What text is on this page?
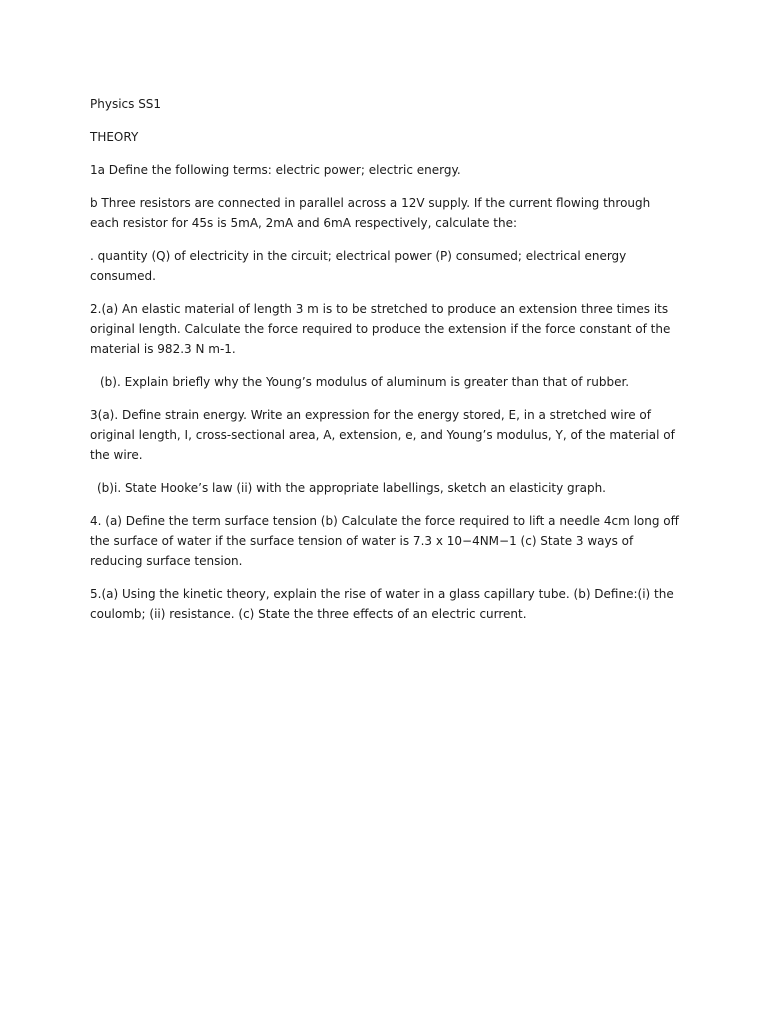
Physics SS1

THEORY

1a Define the following terms: electric power; electric energy.

b Three resistors are connected in parallel across a 12V supply. If the current flowing through each resistor for 45s is 5mA, 2mA and 6mA respectively, calculate the:

. quantity (Q) of electricity in the circuit; electrical power (P) consumed; electrical energy consumed.

2.(a) An elastic material of length 3 m is to be stretched to produce an extension three times its original length. Calculate the force required to produce the extension if the force constant of the material is 982.3 N m-1.

(b). Explain briefly why the Young’s modulus of aluminum is greater than that of rubber.

3(a). Define strain energy. Write an expression for the energy stored, E, in a stretched wire of original length, I, cross-sectional area, A, extension, e, and Young’s modulus, Y, of the material of the wire.

(b)i. State Hooke’s law (ii) with the appropriate labellings, sketch an elasticity graph.

4. (a) Define the term surface tension (b) Calculate the force required to lift a needle 4cm long off the surface of water if the surface tension of water is 7.3 x 10−4NM−1 (c) State 3 ways of reducing surface tension.

5.(a) Using the kinetic theory, explain the rise of water in a glass capillary tube. (b) Define:(i) the coulomb; (ii) resistance. (c) State the three effects of an electric current.
